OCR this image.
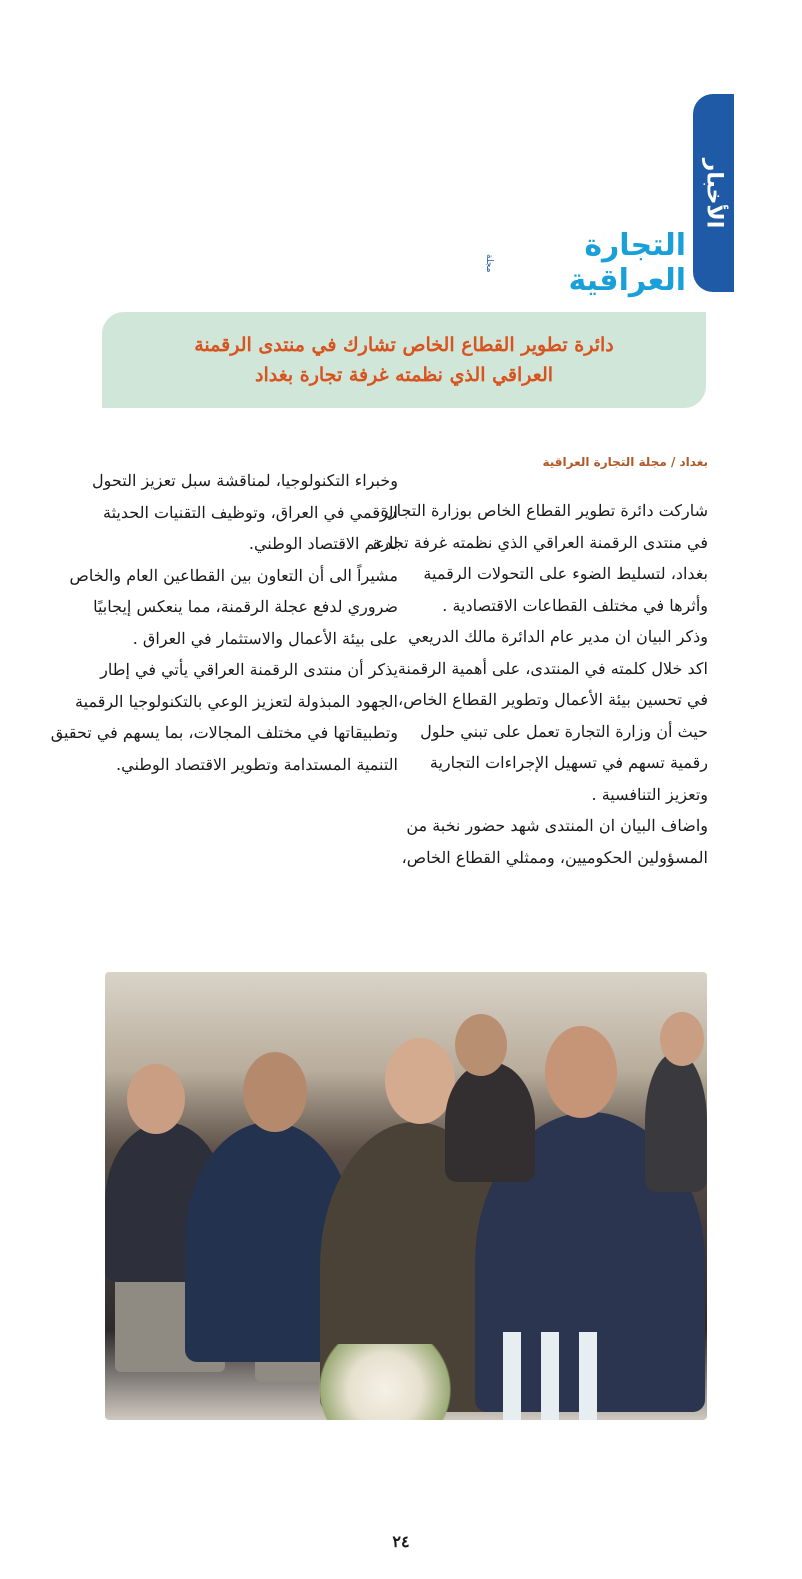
الأخبار
التجارة العراقية
مجلة
دائرة تطوير القطاع الخاص تشارك في منتدى الرقمنة
العراقي الذي نظمته غرفة تجارة بغداد
بغداد / مجلة التجارة العراقية
شاركت دائرة تطوير القطاع الخاص بوزارة التجارة،
في منتدى الرقمنة العراقي الذي نظمته غرفة تجارة
بغداد، لتسليط الضوء على التحولات الرقمية
وأثرها في مختلف القطاعات الاقتصادية .
وذكر البيان ان مدير عام الدائرة مالك الدريعي
اكد خلال كلمته في المنتدى، على أهمية الرقمنة
في تحسين بيئة الأعمال وتطوير القطاع الخاص،
حيث أن وزارة التجارة تعمل على تبني حلول
رقمية تسهم في تسهيل الإجراءات التجارية
وتعزيز التنافسية .
واضاف البيان ان المنتدى شهد حضور نخبة من
المسؤولين الحكوميين، وممثلي القطاع الخاص،
وخبراء التكنولوجيا، لمناقشة سبل تعزيز التحول
الرقمي في العراق، وتوظيف التقنيات الحديثة
لدعم الاقتصاد الوطني.
مشيراً الى أن التعاون بين القطاعين العام والخاص
ضروري لدفع عجلة الرقمنة، مما ينعكس إيجابيًا
على بيئة الأعمال والاستثمار في العراق .
يذكر أن منتدى الرقمنة العراقي يأتي في إطار
الجهود المبذولة لتعزيز الوعي بالتكنولوجيا الرقمية
وتطبيقاتها في مختلف المجالات، بما يسهم في تحقيق
التنمية المستدامة وتطوير الاقتصاد الوطني.
٢٤
